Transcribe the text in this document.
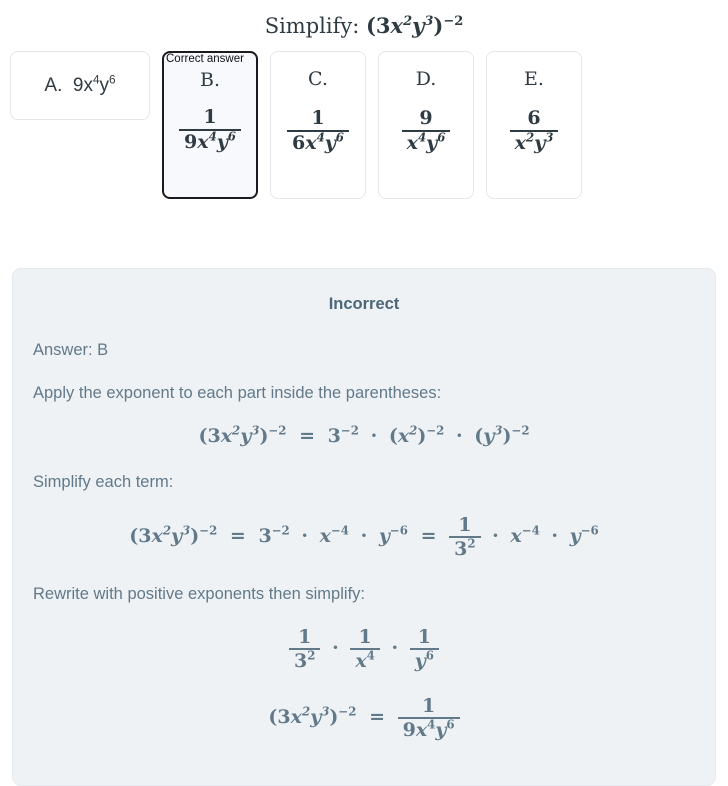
Simplify: $(3x^2y^3)^{-2}$
A. $9x^4y^6$
Correct answer
B.
$\frac{1}{9x^4y^6}$
C.
$\frac{1}{6x^4y^6}$
D.
$\frac{9}{x^4y^6}$
E.
$\frac{6}{x^2y^3}$

Incorrect

Answer: B

Apply the exponent to each part inside the parentheses:

$(3x^2y^3)^{-2} = 3^{-2} \cdot (x^2)^{-2} \cdot (y^3)^{-2}$

Simplify each term:

$(3x^2y^3)^{-2} = 3^{-2} \cdot x^{-4} \cdot y^{-6} = \frac{1}{3^2} \cdot x^{-4} \cdot y^{-6}$

Rewrite with positive exponents then simplify:

$\frac{1}{3^2} \cdot \frac{1}{x^4} \cdot \frac{1}{y^6}$
$(3x^2y^3)^{-2} = \frac{1}{9x^4y^6}$
